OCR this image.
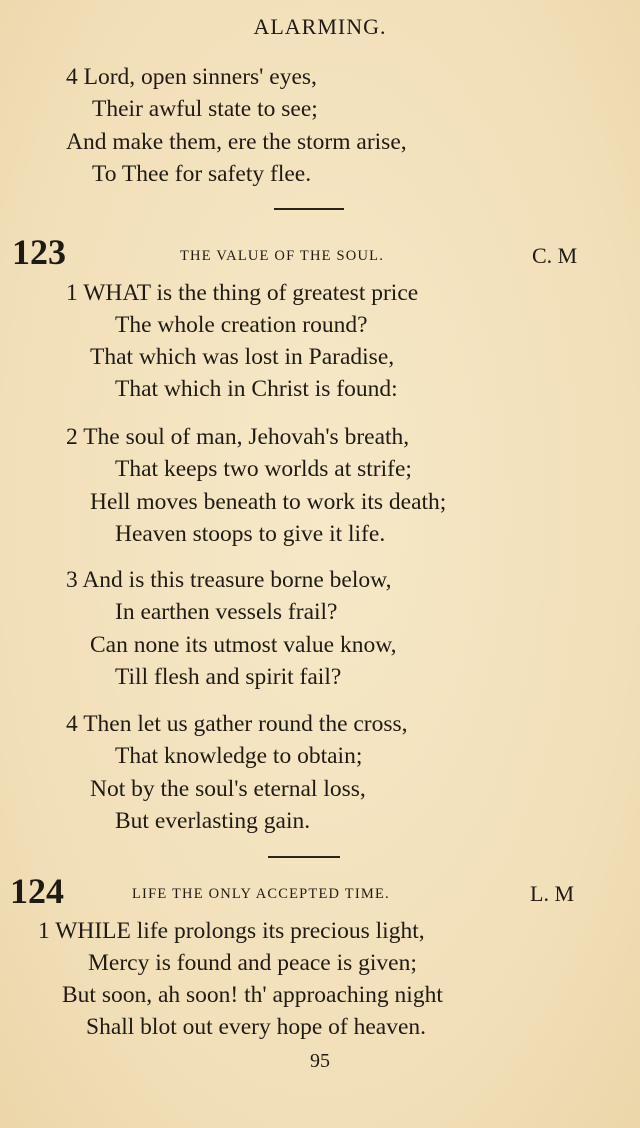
ALARMING.
4 Lord, open sinners' eyes,
Their awful state to see;
And make them, ere the storm arise,
To Thee for safety flee.
123	THE VALUE OF THE SOUL.	C. M
1 WHAT is the thing of greatest price
The whole creation round?
That which was lost in Paradise,
That which in Christ is found:
2 The soul of man, Jehovah's breath,
That keeps two worlds at strife;
Hell moves beneath to work its death;
Heaven stoops to give it life.
3 And is this treasure borne below,
In earthen vessels frail?
Can none its utmost value know,
Till flesh and spirit fail?
4 Then let us gather round the cross,
That knowledge to obtain;
Not by the soul's eternal loss,
But everlasting gain.
124	LIFE THE ONLY ACCEPTED TIME.	L. M
1 WHILE life prolongs its precious light,
Mercy is found and peace is given;
But soon, ah soon! th' approaching night
Shall blot out every hope of heaven.
95
